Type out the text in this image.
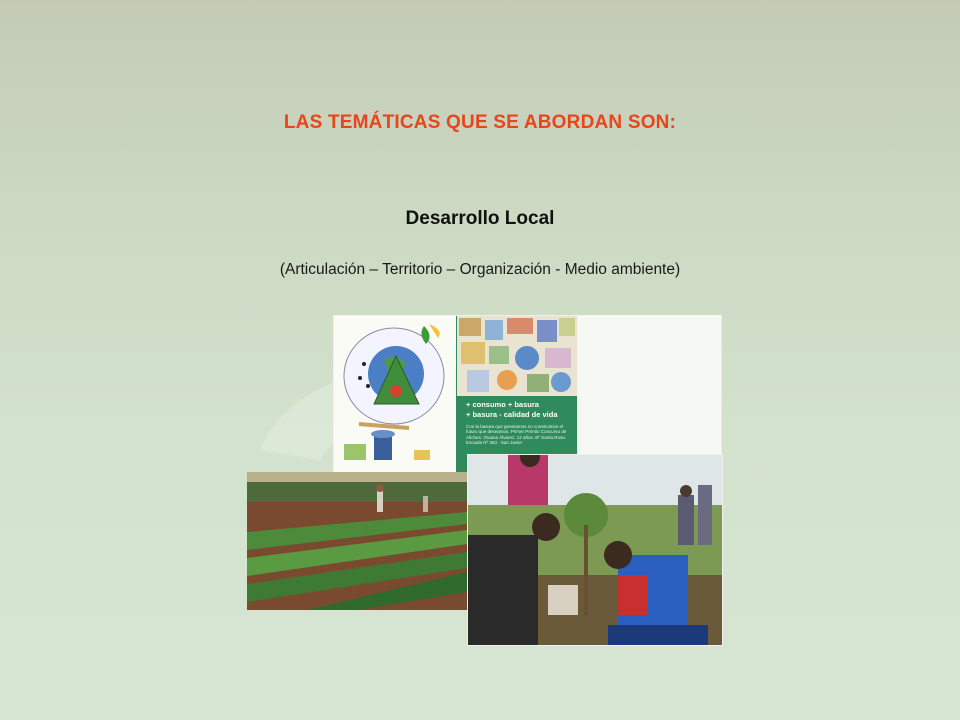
LAS TEMÁTICAS QUE SE ABORDAN SON:
Desarrollo Local
(Articulación – Territorio – Organización - Medio ambiente)
+ consumo + basura
+ basura - calidad de vida
Con la basura que generamos no construimos el futuro que deseamos. Primer Premio Concurso de Afiches: Jhoana Álvarez, 12 años. Bº Santa Rosa. Escuela Nº 353 - San Javier
